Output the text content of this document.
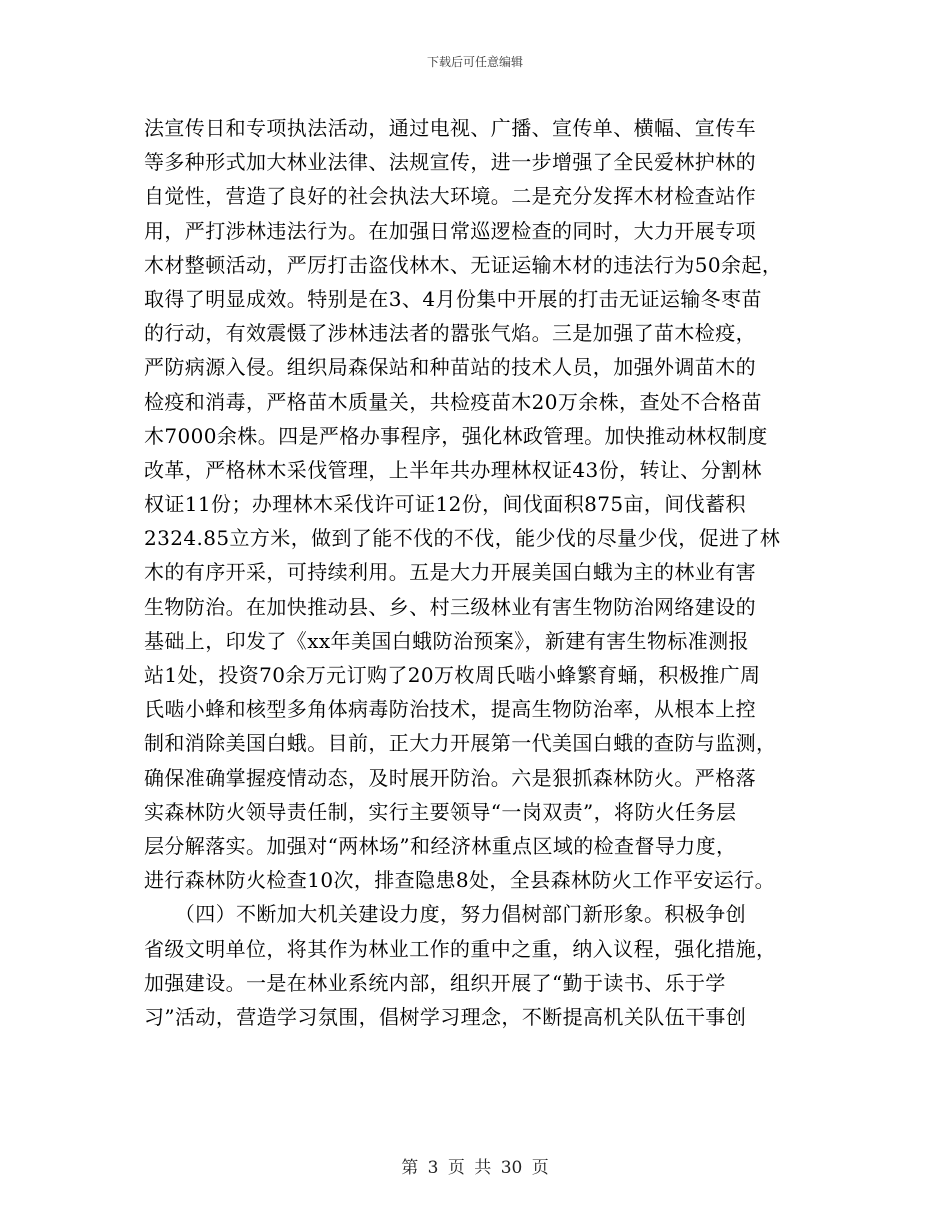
下载后可任意编辑
法宣传日和专项执法活动，通过电视、广播、宣传单、横幅、宣传车
等多种形式加大林业法律、法规宣传，进一步增强了全民爱林护林的
自觉性，营造了良好的社会执法大环境。二是充分发挥木材检查站作
用，严打涉林违法行为。在加强日常巡逻检查的同时，大力开展专项
木材整顿活动，严厉打击盗伐林木、无证运输木材的违法行为50余起，
取得了明显成效。特别是在3、4月份集中开展的打击无证运输冬枣苗
的行动，有效震慑了涉林违法者的嚣张气焰。三是加强了苗木检疫，
严防病源入侵。组织局森保站和种苗站的技术人员，加强外调苗木的
检疫和消毒，严格苗木质量关，共检疫苗木20万余株，查处不合格苗
木7000余株。四是严格办事程序，强化林政管理。加快推动林权制度
改革，严格林木采伐管理，上半年共办理林权证43份，转让、分割林
权证11份；办理林木采伐许可证12份，间伐面积875亩，间伐蓄积
2324.85立方米，做到了能不伐的不伐，能少伐的尽量少伐，促进了林
木的有序开采，可持续利用。五是大力开展美国白蛾为主的林业有害
生物防治。在加快推动县、乡、村三级林业有害生物防治网络建设的
基础上，印发了《xx年美国白蛾防治预案》，新建有害生物标准测报
站1处，投资70余万元订购了20万枚周氏啮小蜂繁育蛹，积极推广周
氏啮小蜂和核型多角体病毒防治技术，提高生物防治率，从根本上控
制和消除美国白蛾。目前，正大力开展第一代美国白蛾的查防与监测，
确保准确掌握疫情动态，及时展开防治。六是狠抓森林防火。严格落
实森林防火领导责任制，实行主要领导“一岗双责”，将防火任务层
层分解落实。加强对“两林场”和经济林重点区域的检查督导力度，
进行森林防火检查10次，排查隐患8处，全县森林防火工作平安运行。
　　（四）不断加大机关建设力度，努力倡树部门新形象。积极争创
省级文明单位，将其作为林业工作的重中之重，纳入议程，强化措施，
加强建设。一是在林业系统内部，组织开展了“勤于读书、乐于学
习”活动，营造学习氛围，倡树学习理念，不断提高机关队伍干事创
第 3 页 共 30 页
